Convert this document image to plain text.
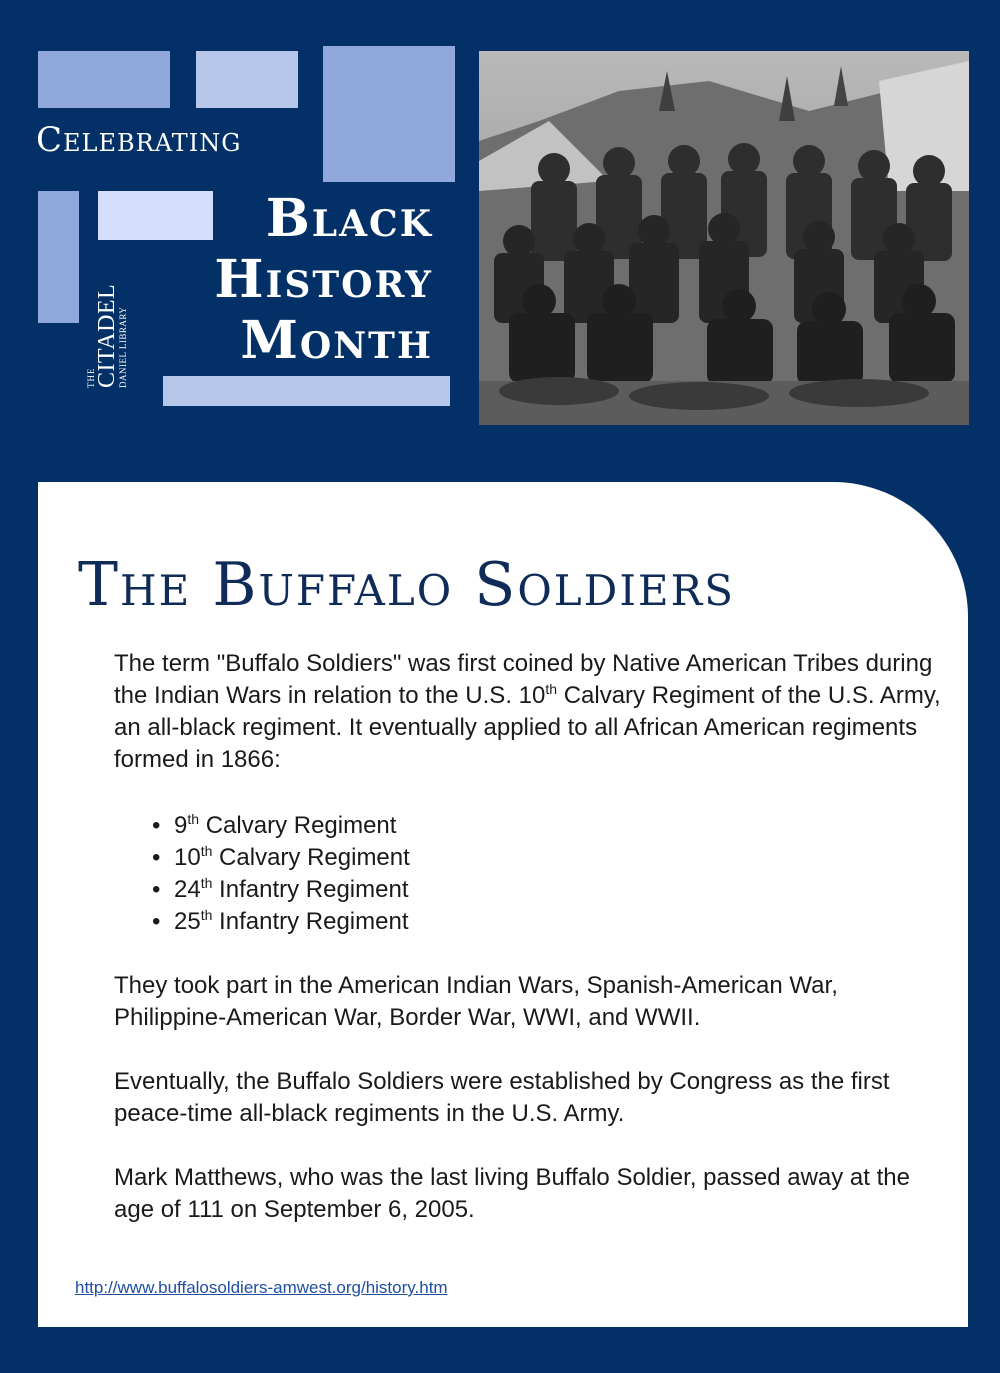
Celebrating

Black
History
Month
THE
CITADEL
DANIEL LIBRARY
The Buffalo Soldiers

The term "Buffalo Soldiers" was first coined by Native American Tribes during the Indian Wars in relation to the U.S. 10th Calvary Regiment of the U.S. Army, an all-black regiment. It eventually applied to all African American regiments formed in 1866:

• 9th Calvary Regiment
• 10th Calvary Regiment
• 24th Infantry Regiment
• 25th Infantry Regiment

They took part in the American Indian Wars, Spanish-American War, Philippine-American War, Border War, WWI, and WWII.

Eventually, the Buffalo Soldiers were established by Congress as the first peace-time all-black regiments in the U.S. Army.

Mark Matthews, who was the last living Buffalo Soldier, passed away at the age of 111 on September 6, 2005.

http://www.buffalosoldiers-amwest.org/history.htm
